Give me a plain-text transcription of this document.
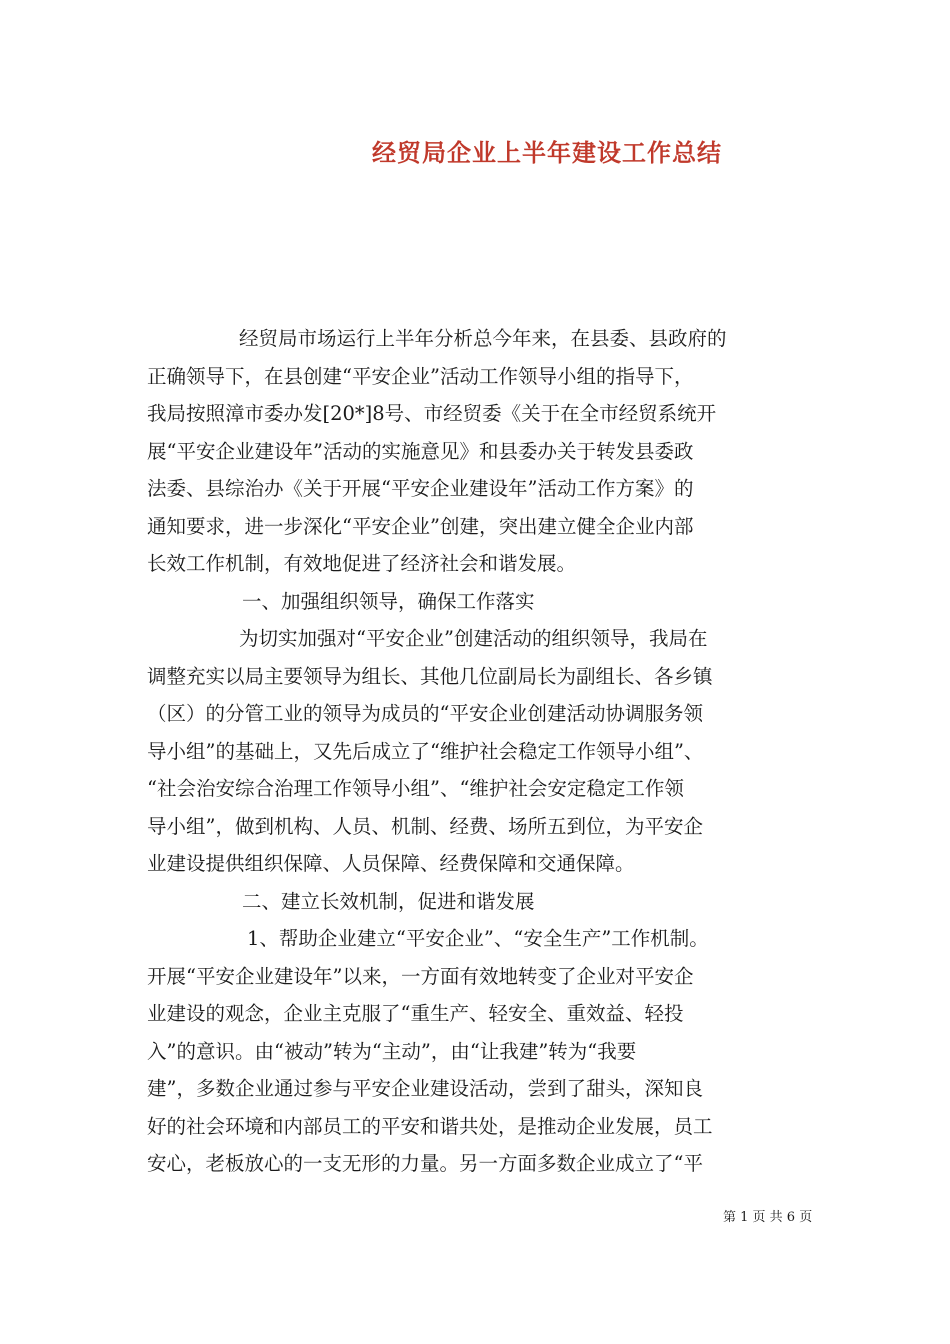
经贸局企业上半年建设工作总结
经贸局市场运行上半年分析总今年来，在县委、县政府的
正确领导下，在县创建“平安企业”活动工作领导小组的指导下，
我局按照漳市委办发[20*]8号、市经贸委《关于在全市经贸系统开
展“平安企业建设年”活动的实施意见》和县委办关于转发县委政
法委、县综治办《关于开展“平安企业建设年”活动工作方案》的
通知要求，进一步深化“平安企业”创建，突出建立健全企业内部
长效工作机制，有效地促进了经济社会和谐发展。
一、加强组织领导，确保工作落实
为切实加强对“平安企业”创建活动的组织领导，我局在
调整充实以局主要领导为组长、其他几位副局长为副组长、各乡镇
（区）的分管工业的领导为成员的“平安企业创建活动协调服务领
导小组”的基础上，又先后成立了“维护社会稳定工作领导小组”、
“社会治安综合治理工作领导小组”、“维护社会安定稳定工作领
导小组”，做到机构、人员、机制、经费、场所五到位，为平安企
业建设提供组织保障、人员保障、经费保障和交通保障。
二、建立长效机制，促进和谐发展
1、帮助企业建立“平安企业”、“安全生产”工作机制。
开展“平安企业建设年”以来，一方面有效地转变了企业对平安企
业建设的观念，企业主克服了“重生产、轻安全、重效益、轻投
入”的意识。由“被动”转为“主动”，由“让我建”转为“我要
建”，多数企业通过参与平安企业建设活动，尝到了甜头，深知良
好的社会环境和内部员工的平安和谐共处，是推动企业发展，员工
安心，老板放心的一支无形的力量。另一方面多数企业成立了“平
第 1 页 共 6 页
